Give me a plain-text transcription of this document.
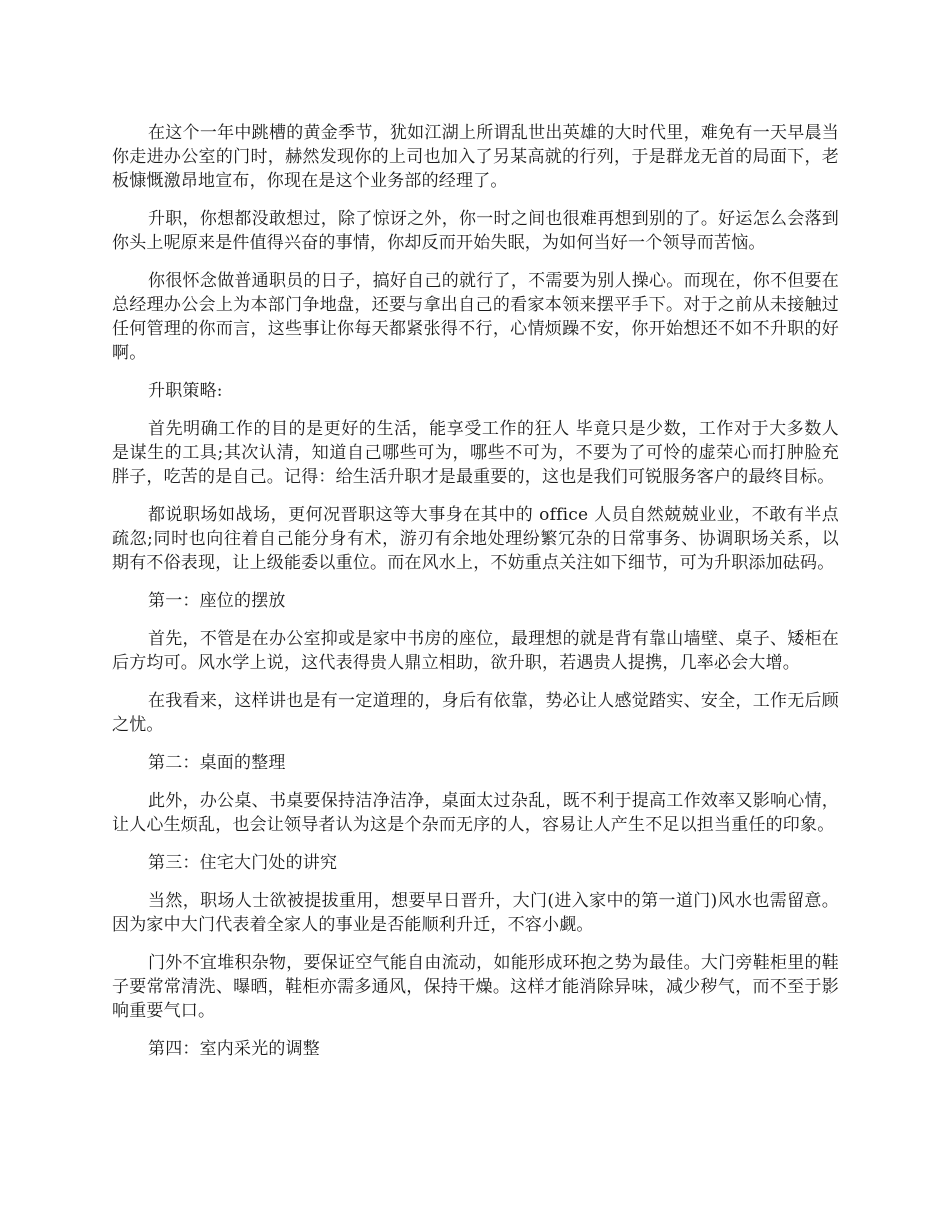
在这个一年中跳槽的黄金季节，犹如江湖上所谓乱世出英雄的大时代里，难免有一天早晨当你走进办公室的门时，赫然发现你的上司也加入了另某高就的行列，于是群龙无首的局面下，老板慷慨激昂地宣布，你现在是这个业务部的经理了。

升职，你想都没敢想过，除了惊讶之外，你一时之间也很难再想到别的了。好运怎么会落到你头上呢原来是件值得兴奋的事情，你却反而开始失眠，为如何当好一个领导而苦恼。

你很怀念做普通职员的日子，搞好自己的就行了，不需要为别人操心。而现在，你不但要在总经理办公会上为本部门争地盘，还要与拿出自己的看家本领来摆平手下。对于之前从未接触过任何管理的你而言，这些事让你每天都紧张得不行，心情烦躁不安，你开始想还不如不升职的好啊。

升职策略:

首先明确工作的目的是更好的生活，能享受工作的狂人 毕竟只是少数，工作对于大多数人是谋生的工具;其次认清，知道自己哪些可为，哪些不可为，不要为了可怜的虚荣心而打肿脸充胖子，吃苦的是自己。记得：给生活升职才是最重要的，这也是我们可锐服务客户的最终目标。

都说职场如战场，更何况晋职这等大事身在其中的 office 人员自然兢兢业业，不敢有半点疏忽;同时也向往着自己能分身有术，游刃有余地处理纷繁冗杂的日常事务、协调职场关系，以期有不俗表现，让上级能委以重位。而在风水上，不妨重点关注如下细节，可为升职添加砝码。

第一：座位的摆放

首先，不管是在办公室抑或是家中书房的座位，最理想的就是背有靠山墙壁、桌子、矮柜在后方均可。风水学上说，这代表得贵人鼎立相助，欲升职，若遇贵人提携，几率必会大增。

在我看来，这样讲也是有一定道理的，身后有依靠，势必让人感觉踏实、安全，工作无后顾之忧。

第二：桌面的整理

此外，办公桌、书桌要保持洁净洁净，桌面太过杂乱，既不利于提高工作效率又影响心情，让人心生烦乱，也会让领导者认为这是个杂而无序的人，容易让人产生不足以担当重任的印象。

第三：住宅大门处的讲究

当然，职场人士欲被提拔重用，想要早日晋升，大门(进入家中的第一道门)风水也需留意。因为家中大门代表着全家人的事业是否能顺利升迁，不容小觑。

门外不宜堆积杂物，要保证空气能自由流动，如能形成环抱之势为最佳。大门旁鞋柜里的鞋子要常常清洗、曝晒，鞋柜亦需多通风，保持干燥。这样才能消除异味，减少秽气，而不至于影响重要气口。

第四：室内采光的调整
